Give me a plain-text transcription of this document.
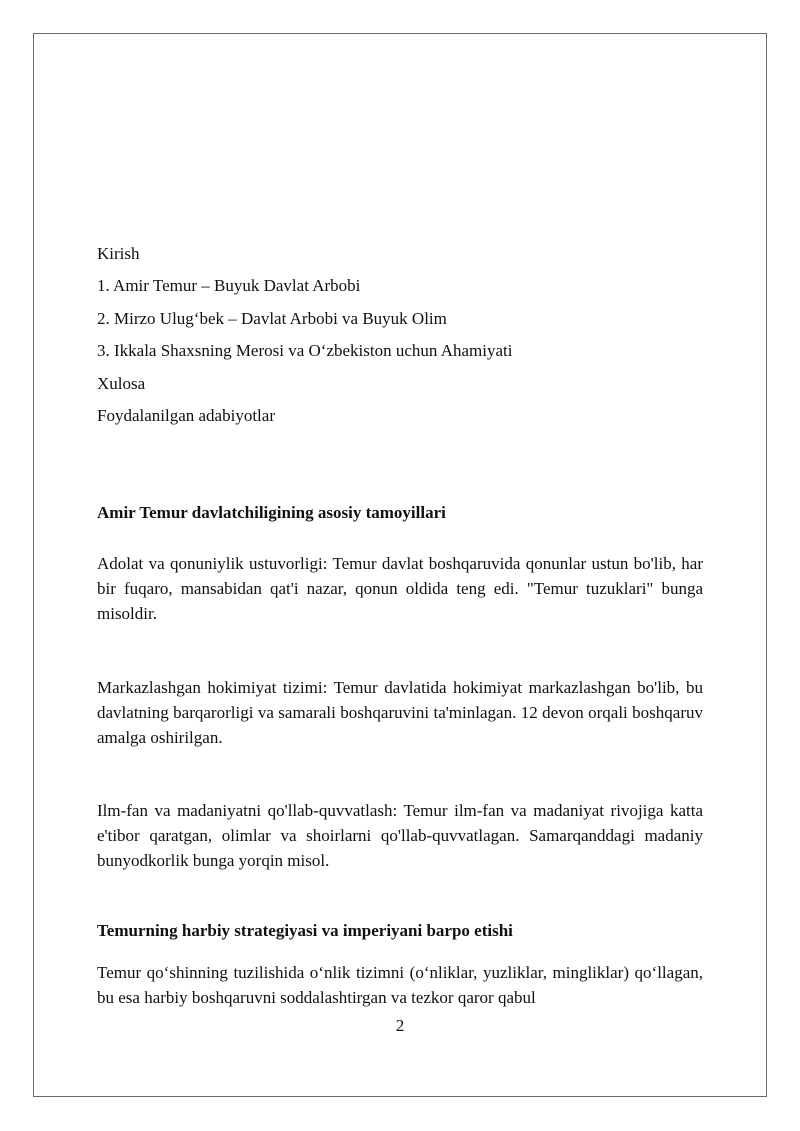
Kirish
1. Amir Temur – Buyuk Davlat Arbobi
2. Mirzo Ulug‘bek – Davlat Arbobi va Buyuk Olim
3. Ikkala Shaxsning Merosi va O‘zbekiston uchun Ahamiyati
Xulosa
Foydalanilgan adabiyotlar
Amir Temur davlatchiligining asosiy tamoyillari

Adolat va qonuniylik ustuvorligi: Temur davlat boshqaruvida qonunlar ustun bo'lib, har bir fuqaro, mansabidan qat'i nazar, qonun oldida teng edi. "Temur tuzuklari" bunga misoldir.

Markazlashgan hokimiyat tizimi: Temur davlatida hokimiyat markazlashgan bo'lib, bu davlatning barqarorligi va samarali boshqaruvini ta'minlagan. 12 devon orqali boshqaruv amalga oshirilgan.

Ilm-fan va madaniyatni qo'llab-quvvatlash: Temur ilm-fan va madaniyat rivojiga katta e'tibor qaratgan, olimlar va shoirlarni qo'llab-quvvatlagan. Samarqanddagi madaniy bunyodkorlik bunga yorqin misol.

Temurning harbiy strategiyasi va imperiyani barpo etishi

Temur qo‘shinning tuzilishida o‘nlik tizimni (o‘nliklar, yuzliklar, mingliklar) qo‘llagan, bu esa harbiy boshqaruvni soddalashtirgan va tezkor qaror qabul

2
